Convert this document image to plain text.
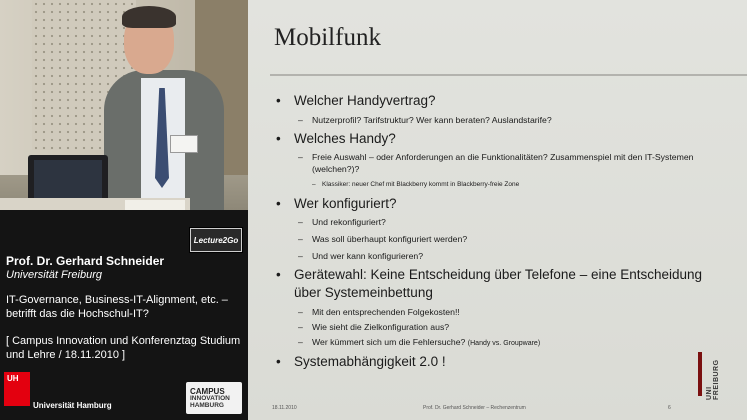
Lecture2Go
Prof. Dr. Gerhard Schneider
Universität Freiburg
IT-Governance, Business-IT-Alignment, etc. – betrifft das die Hochschul-IT?
[ Campus Innovation und Konferenztag Studium und Lehre / 18.11.2010 ]
UH
Universität Hamburg
CAMPUS
INNOVATION
HAMBURG
Mobilfunk
• Welcher Handyvertrag?
– Nutzerprofil? Tarifstruktur? Wer kann beraten? Auslandstarife?
• Welches Handy?
– Freie Auswahl – oder Anforderungen an die Funktionalitäten? Zusammenspiel mit den IT-Systemen (welchen?)?
– Klassiker: neuer Chef mit Blackberry kommt in Blackberry-freie Zone
• Wer konfiguriert?
– Und rekonfiguriert?
– Was soll überhaupt konfiguriert werden?
– Und wer kann konfigurieren?
• Gerätewahl: Keine Entscheidung über Telefone – eine Entscheidung über Systemeinbettung
– Mit den entsprechenden Folgekosten!!
– Wie sieht die Zielkonfiguration aus?
– Wer kümmert sich um die Fehlersuche? (Handy vs. Groupware)
• Systemabhängigkeit 2.0 !
UNI FREIBURG
18.11.2010	Prof. Dr. Gerhard Schneider – Rechenzentrum	6
